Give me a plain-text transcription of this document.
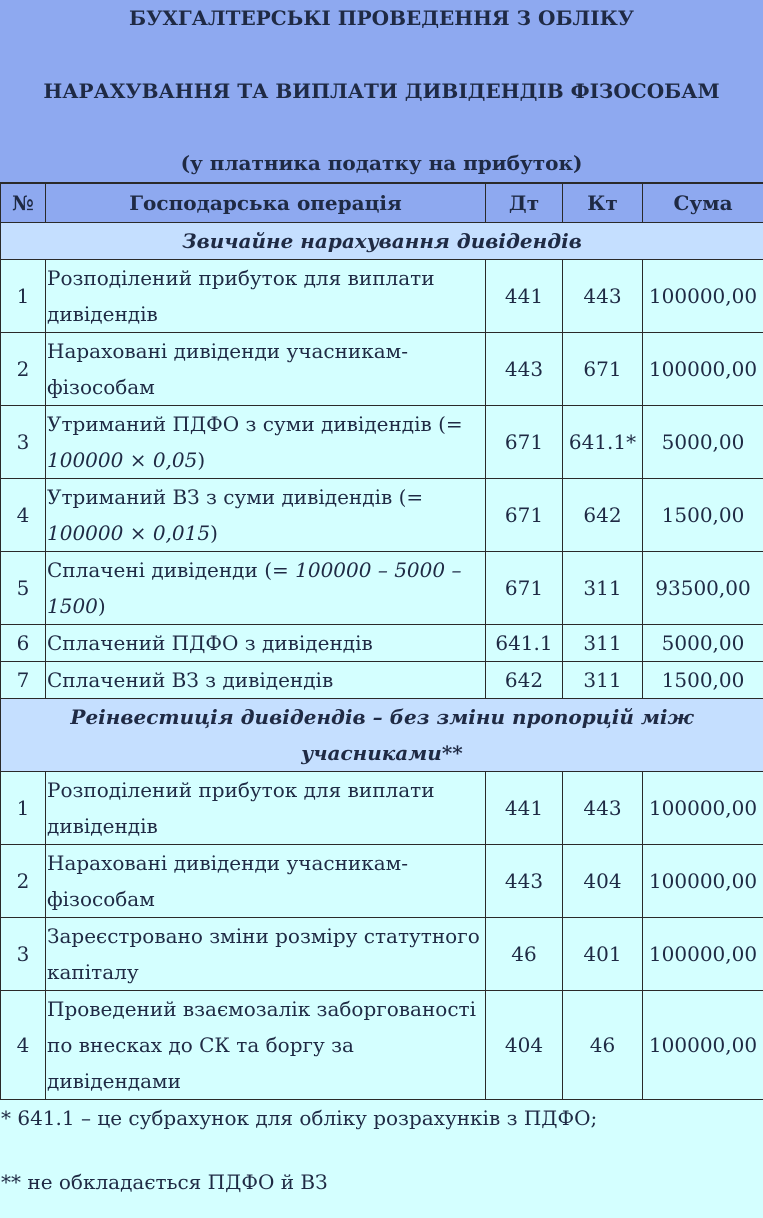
БУХГАЛТЕРСЬКІ ПРОВЕДЕННЯ З ОБЛІКУ
НАРАХУВАННЯ ТА ВИПЛАТИ ДИВІДЕНДІВ ФІЗОСОБАМ
(у платника податку на прибуток)
№	Господарська операція	Дт	Кт	Сума
Звичайне нарахування дивідендів				
1	Розподілений прибуток для виплати дивідендів	441	443	100000,00
2	Нараховані дивіденди учасникам-фізособам	443	671	100000,00
3	Утриманий ПДФО з суми дивідендів (= 100000 × 0,05)	671	641.1*	5000,00
4	Утриманий ВЗ з суми дивідендів (= 100000 × 0,015)	671	642	1500,00
5	Сплачені дивіденди (= 100000 – 5000 – 1500)	671	311	93500,00
6	Сплачений ПДФО з дивідендів	641.1	311	5000,00
7	Сплачений ВЗ з дивідендів	642	311	1500,00
Реінвестиція дивідендів – без зміни пропорцій між учасниками**				
1	Розподілений прибуток для виплати дивідендів	441	443	100000,00
2	Нараховані дивіденди учасникам-фізособам	443	404	100000,00
3	Зареєстровано зміни розміру статутного капіталу	46	401	100000,00
4	Проведений взаємозалік заборгованості по внесках до СК та боргу за дивідендами	404	46	100000,00
* 641.1 – це субрахунок для обліку розрахунків з ПДФО;
** не обкладається ПДФО й ВЗ
